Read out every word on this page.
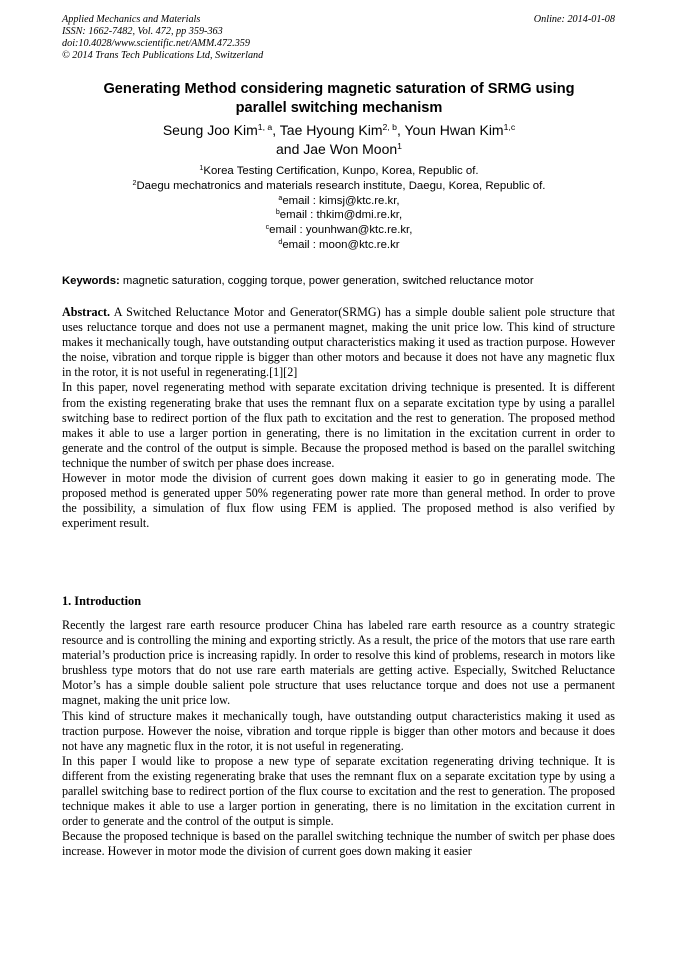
Applied Mechanics and Materials
ISSN: 1662-7482, Vol. 472, pp 359-363
doi:10.4028/www.scientific.net/AMM.472.359
© 2014 Trans Tech Publications Ltd, Switzerland
Online: 2014-01-08
Generating Method considering magnetic saturation of SRMG using
parallel switching mechanism
Seung Joo Kim$^{1, a}$, Tae Hyoung Kim$^{2, b}$, Youn Hwan Kim$^{1,c}$
and Jae Won Moon$^1$
$^1$Korea Testing Certification, Kunpo, Korea, Republic of.
$^2$Daegu mechatronics and materials research institute, Daegu, Korea, Republic of.
$^a$email : kimsj@ktc.re.kr,
$^b$email : thkim@dmi.re.kr,
$^c$email : younhwan@ktc.re.kr,
$^d$email : moon@ktc.re.kr
Keywords: magnetic saturation, cogging torque, power generation, switched reluctance motor

Abstract. A Switched Reluctance Motor and Generator(SRMG) has a simple double salient pole structure that uses reluctance torque and does not use a permanent magnet, making the unit price low. This kind of structure makes it mechanically tough, have outstanding output characteristics making it used as traction purpose. However the noise, vibration and torque ripple is bigger than other motors and because it does not have any magnetic flux in the rotor, it is not useful in regenerating.[1][2]

In this paper, novel regenerating method with separate excitation driving technique is presented. It is different from the existing regenerating brake that uses the remnant flux on a separate excitation type by using a parallel switching base to redirect portion of the flux path to excitation and the rest to generation. The proposed method makes it able to use a larger portion in generating, there is no limitation in the excitation current in order to generate and the control of the output is simple. Because the proposed method is based on the parallel switching technique the number of switch per phase does increase.

However in motor mode the division of current goes down making it easier to go in generating mode. The proposed method is generated upper 50% regenerating power rate more than general method. In order to prove the possibility, a simulation of flux flow using FEM is applied. The proposed method is also verified by experiment result.

1. Introduction

Recently the largest rare earth resource producer China has labeled rare earth resource as a country strategic resource and is controlling the mining and exporting strictly. As a result, the price of the motors that use rare earth material’s production price is increasing rapidly. In order to resolve this kind of problems, research in motors like brushless type motors that do not use rare earth materials are getting active. Especially, Switched Reluctance Motor’s has a simple double salient pole structure that uses reluctance torque and does not use a permanent magnet, making the unit price low.

This kind of structure makes it mechanically tough, have outstanding output characteristics making it used as traction purpose. However the noise, vibration and torque ripple is bigger than other motors and because it does not have any magnetic flux in the rotor, it is not useful in regenerating.

In this paper I would like to propose a new type of separate excitation regenerating driving technique. It is different from the existing regenerating brake that uses the remnant flux on a separate excitation type by using a parallel switching base to redirect portion of the flux course to excitation and the rest to generation. The proposed technique makes it able to use a larger portion in generating, there is no limitation in the excitation current in order to generate and the control of the output is simple.

Because the proposed technique is based on the parallel switching technique the number of switch per phase does increase. However in motor mode the division of current goes down making it easier
